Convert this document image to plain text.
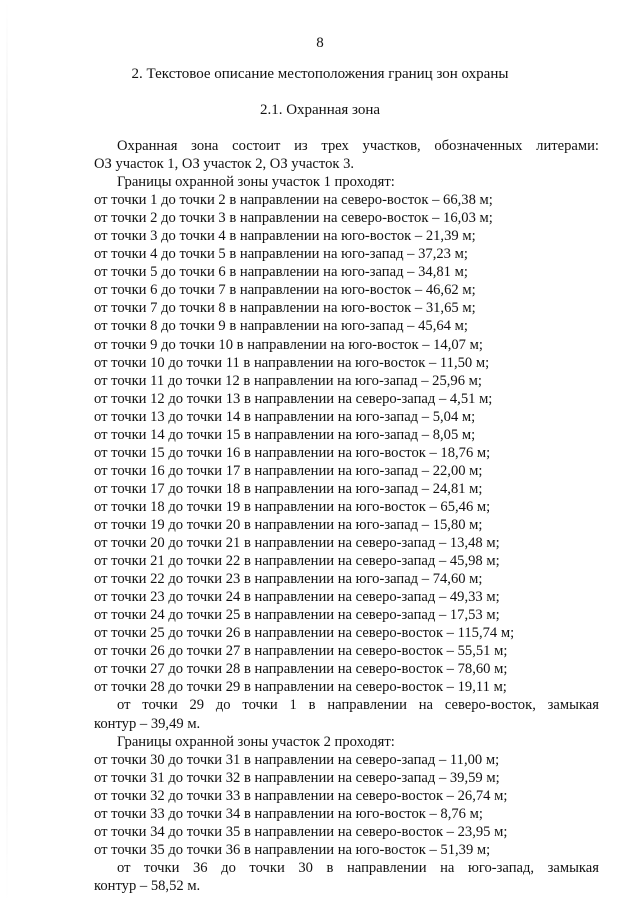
8
2. Текстовое описание местоположения границ зон охраны
2.1. Охранная зона
Охранная зона состоит из трех участков, обозначенных литерами:
ОЗ участок 1, ОЗ участок 2, ОЗ участок 3.
Границы охранной зоны участок 1 проходят:
от точки 1 до точки 2 в направлении на северо-восток – 66,38 м;
от точки 2 до точки 3 в направлении на северо-восток – 16,03 м;
от точки 3 до точки 4 в направлении на юго-восток – 21,39 м;
от точки 4 до точки 5 в направлении на юго-запад – 37,23 м;
от точки 5 до точки 6 в направлении на юго-запад – 34,81 м;
от точки 6 до точки 7 в направлении на юго-восток – 46,62 м;
от точки 7 до точки 8 в направлении на юго-восток – 31,65 м;
от точки 8 до точки 9 в направлении на юго-запад – 45,64 м;
от точки 9 до точки 10 в направлении на юго-восток – 14,07 м;
от точки 10 до точки 11 в направлении на юго-восток – 11,50 м;
от точки 11 до точки 12 в направлении на юго-запад – 25,96 м;
от точки 12 до точки 13 в направлении на северо-запад – 4,51 м;
от точки 13 до точки 14 в направлении на юго-запад – 5,04 м;
от точки 14 до точки 15 в направлении на юго-запад – 8,05 м;
от точки 15 до точки 16 в направлении на юго-восток – 18,76 м;
от точки 16 до точки 17 в направлении на юго-запад – 22,00 м;
от точки 17 до точки 18 в направлении на юго-запад – 24,81 м;
от точки 18 до точки 19 в направлении на юго-восток – 65,46 м;
от точки 19 до точки 20 в направлении на юго-запад – 15,80 м;
от точки 20 до точки 21 в направлении на северо-запад – 13,48 м;
от точки 21 до точки 22 в направлении на северо-запад – 45,98 м;
от точки 22 до точки 23 в направлении на юго-запад – 74,60 м;
от точки 23 до точки 24 в направлении на северо-запад – 49,33 м;
от точки 24 до точки 25 в направлении на северо-запад – 17,53 м;
от точки 25 до точки 26 в направлении на северо-восток – 115,74 м;
от точки 26 до точки 27 в направлении на северо-восток – 55,51 м;
от точки 27 до точки 28 в направлении на северо-восток – 78,60 м;
от точки 28 до точки 29 в направлении на северо-восток – 19,11 м;
от точки 29 до точки 1 в направлении на северо-восток, замыкая
контур – 39,49 м.
Границы охранной зоны участок 2 проходят:
от точки 30 до точки 31 в направлении на северо-запад – 11,00 м;
от точки 31 до точки 32 в направлении на северо-запад – 39,59 м;
от точки 32 до точки 33 в направлении на северо-восток – 26,74 м;
от точки 33 до точки 34 в направлении на юго-восток – 8,76 м;
от точки 34 до точки 35 в направлении на северо-восток – 23,95 м;
от точки 35 до точки 36 в направлении на юго-восток – 51,39 м;
от точки 36 до точки 30 в направлении на юго-запад, замыкая
контур – 58,52 м.
